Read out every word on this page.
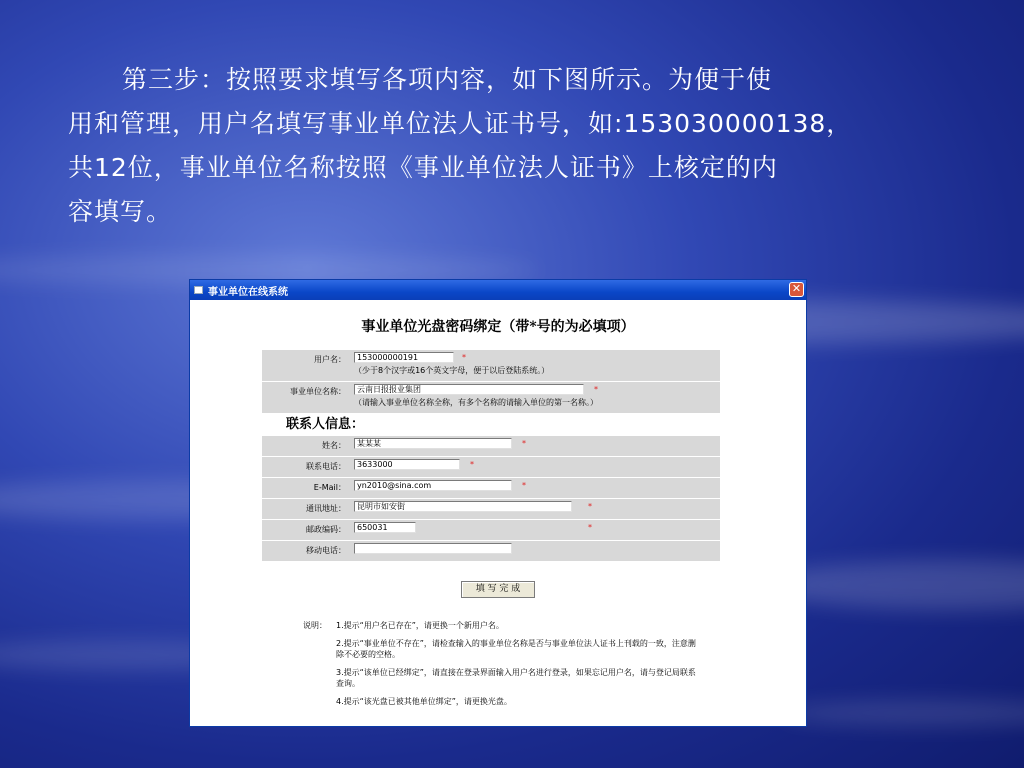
第三步：按照要求填写各项内容，如下图所示。为便于使
用和管理，用户名填写事业单位法人证书号，如:153030000138，
共12位，事业单位名称按照《事业单位法人证书》上核定的内
容填写。
事业单位在线系统	✕
事业单位光盘密码绑定（带*号的为必填项）
用户名：	153000000191	*
（少于8个汉字或16个英文字母，便于以后登陆系统。）
事业单位名称：	云南日报报业集团	*
（请输入事业单位名称全称，有多个名称的请输入单位的第一名称。）
联系人信息：
姓名：	某某某	*
联系电话：	3633000	*
E-Mail：	yn2010@sina.com	*
通讯地址：	昆明市如安街	*
邮政编码：	650031	*
移动电话：
填 写 完 成
说明： 1.提示“用户名已存在”，请更换一个新用户名。
2.提示“事业单位不存在”，请检查输入的事业单位名称是否与事业单位法人证书上刊载的一致，注意删除不必要的空格。
3.提示“该单位已经绑定”，请直接在登录界面输入用户名进行登录，如果忘记用户名，请与登记局联系查询。
4.提示“该光盘已被其他单位绑定”，请更换光盘。
